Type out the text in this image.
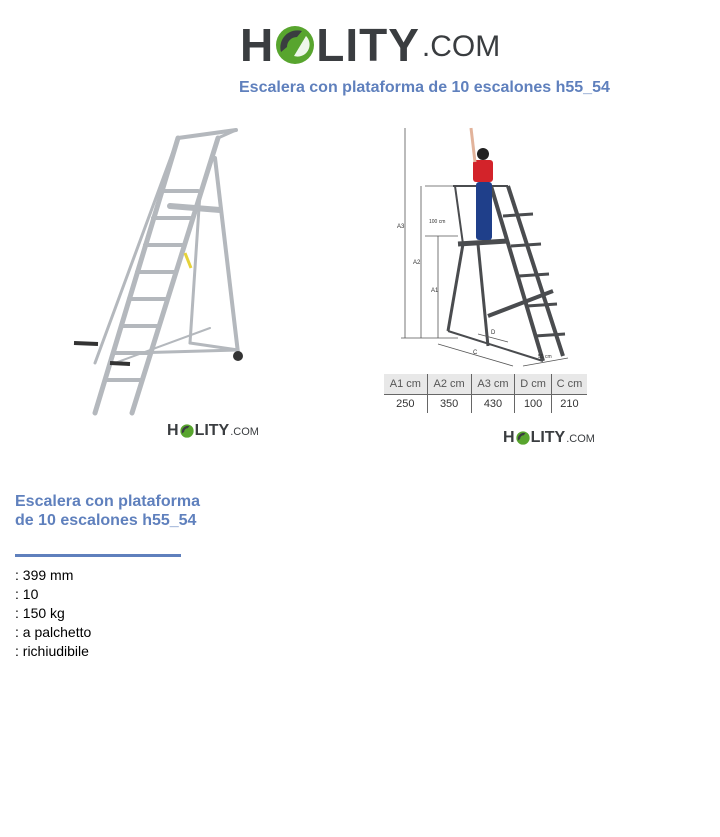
H LITY .COM
Escalera con plataforma de 10 escalones h55_54
H LITY .COM
A3
A2
A1
100 cm
C
D
55 cm
A1 cm	A2 cm	A3 cm	D cm	C cm
250	350	430	100	210
H LITY .COM
Escalera con plataforma de 10 escalones h55_54
: 399 mm
: 10
: 150 kg
: a palchetto
: richiudibile
